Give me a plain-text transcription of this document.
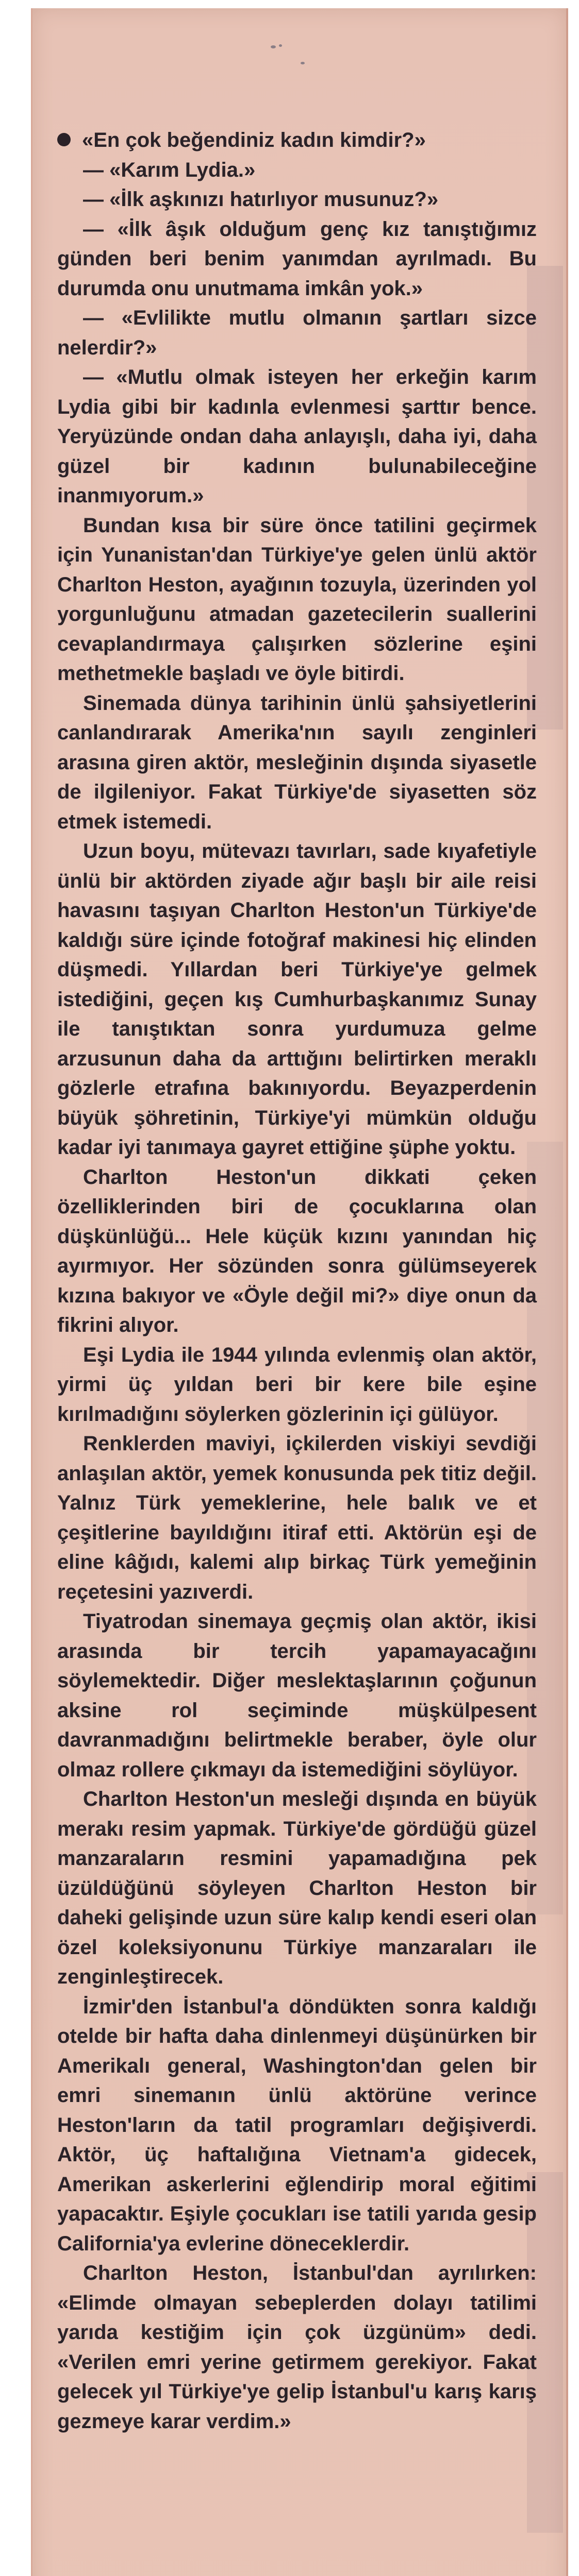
«En çok beğendiniz kadın kimdir?»

— «Karım Lydia.»

— «İlk aşkınızı hatırlıyor musunuz?»

— «İlk âşık olduğum genç kız tanıştığımız günden beri benim yanımdan ayrılmadı. Bu durumda onu unutmama imkân yok.»

— «Evlilikte mutlu olmanın şartları sizce nelerdir?»

— «Mutlu olmak isteyen her erkeğin karım Lydia gibi bir kadınla evlenmesi şarttır bence. Yeryüzünde ondan daha anlayışlı, daha iyi, daha güzel bir kadının bulunabileceğine inanmıyorum.»

Bundan kısa bir süre önce tatilini geçirmek için Yunanistan'dan Türkiye'ye gelen ünlü aktör Charlton Heston, ayağının tozuyla, üzerinden yol yorgunluğunu atmadan gazetecilerin suallerini cevaplandırmaya çalışırken sözlerine eşini methetmekle başladı ve öyle bitirdi.

Sinemada dünya tarihinin ünlü şahsiyetlerini canlandırarak Amerika'nın sayılı zenginleri arasına giren aktör, mesleğinin dışında siyasetle de ilgileniyor. Fakat Türkiye'de siyasetten söz etmek istemedi.

Uzun boyu, mütevazı tavırları, sade kıyafetiyle ünlü bir aktörden ziyade ağır başlı bir aile reisi havasını taşıyan Charlton Heston'un Türkiye'de kaldığı süre içinde fotoğraf makinesi hiç elinden düşmedi. Yıllardan beri Türkiye'ye gelmek istediğini, geçen kış Cumhurbaşkanımız Sunay ile tanıştıktan sonra yurdumuza gelme arzusunun daha da arttığını belirtirken meraklı gözlerle etrafına bakınıyordu. Beyazperdenin büyük şöhretinin, Türkiye'yi mümkün olduğu kadar iyi tanımaya gayret ettiğine şüphe yoktu.

Charlton Heston'un dikkati çeken özelliklerinden biri de çocuklarına olan düşkünlüğü... Hele küçük kızını yanından hiç ayırmıyor. Her sözünden sonra gülümseyerek kızına bakıyor ve «Öyle değil mi?» diye onun da fikrini alıyor.

Eşi Lydia ile 1944 yılında evlenmiş olan aktör, yirmi üç yıldan beri bir kere bile eşine kırılmadığını söylerken gözlerinin içi gülüyor.

Renklerden maviyi, içkilerden viskiyi sevdiği anlaşılan aktör, yemek konusunda pek titiz değil. Yalnız Türk yemeklerine, hele balık ve et çeşitlerine bayıldığını itiraf etti. Aktörün eşi de eline kâğıdı, kalemi alıp birkaç Türk yemeğinin reçetesini yazıverdi.

Tiyatrodan sinemaya geçmiş olan aktör, ikisi arasında bir tercih yapamayacağını söylemektedir. Diğer meslektaşlarının çoğunun aksine rol seçiminde müşkülpesent davranmadığını belirtmekle beraber, öyle olur olmaz rollere çıkmayı da istemediğini söylüyor.

Charlton Heston'un mesleği dışında en büyük merakı resim yapmak. Türkiye'de gördüğü güzel manzaraların resmini yapamadığına pek üzüldüğünü söyleyen Charlton Heston bir daheki gelişinde uzun süre kalıp kendi eseri olan özel koleksiyonunu Türkiye manzaraları ile zenginleştirecek.

İzmir'den İstanbul'a döndükten sonra kaldığı otelde bir hafta daha dinlenmeyi düşünürken bir Amerikalı general, Washington'dan gelen bir emri sinemanın ünlü aktörüne verince Heston'ların da tatil programları değişiverdi. Aktör, üç haftalığına Vietnam'a gidecek, Amerikan askerlerini eğlendirip moral eğitimi yapacaktır. Eşiyle çocukları ise tatili yarıda gesip California'ya evlerine döneceklerdir.

Charlton Heston, İstanbul'dan ayrılırken: «Elimde olmayan sebeplerden dolayı tatilimi yarıda kestiğim için çok üzgünüm» dedi. «Verilen emri yerine getirmem gerekiyor. Fakat gelecek yıl Türkiye'ye gelip İstanbul'u karış karış gezmeye karar verdim.»
